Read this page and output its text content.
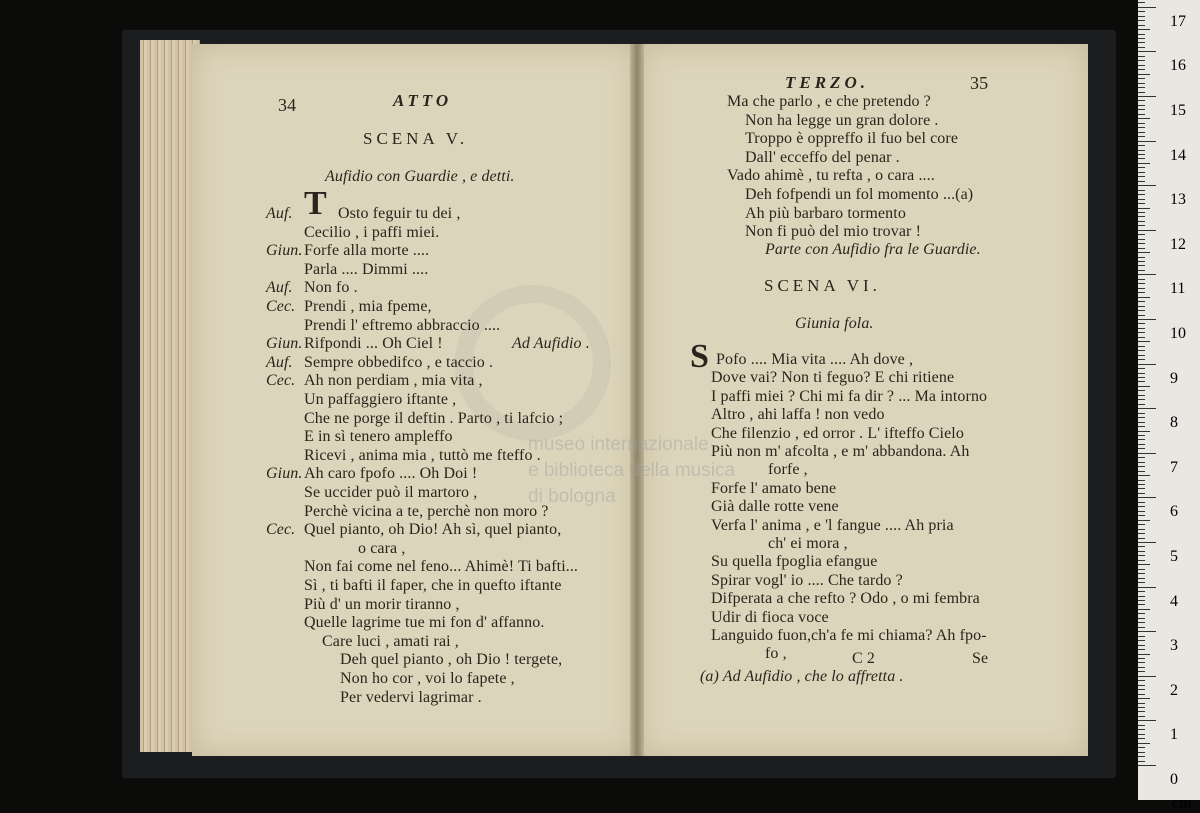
34	ATTO
SCENA V.
Aufidio con Guardie , e detti.
Auf. T Osto feguir tu dei ,
Cecilio , i paffi miei.
Giun. Forfe alla morte ....
Parla .... Dimmi ....
Auf. Non fo .
Cec. Prendi , mia fpeme,
Prendi l' eftremo abbraccio ....
Giun. Rifpondi ... Oh Ciel !	Ad Aufidio .
Auf. Sempre obbedifco , e taccio .
Cec. Ah non perdiam , mia vita ,
Un paffaggiero iftante ,
Che ne porge il deftin . Parto , ti lafcio ;
E in sì tenero ampleffo
Ricevi , anima mia , tuttò me fteffo .
Giun. Ah caro fpofo .... Oh Doi !
Se uccider può il martoro ,
Perchè vicina a te, perchè non moro ?
Cec. Quel pianto, oh Dio! Ah sì, quel pianto,
o cara ,
Non fai come nel feno... Ahimè! Ti bafti...
Sì , ti bafti il faper, che in quefto iftante
Più d' un morir tiranno ,
Quelle lagrime tue mi fon d' affanno.
Care luci , amati rai ,
Deh quel pianto , oh Dio ! tergete,
Non ho cor , voi lo fapete ,
Per vedervi lagrimar .
TERZO.	35
Ma che parlo , e che pretendo ?
Non ha legge un gran dolore .
Troppo è oppreffo il fuo bel core
Dall' ecceffo del penar .
Vado ahimè , tu refta , o cara ....
Deh fofpendi un fol momento ...(a)
Ah più barbaro tormento
Non fi può del mio trovar !
Parte con Aufidio fra le Guardie.
SCENA VI.
Giunia fola.
S Pofo .... Mia vita .... Ah dove ,
Dove vai? Non ti feguo? E chi ritiene
I paffi miei ? Chi mi fa dir ? ... Ma intorno
Altro , ahi laffa ! non vedo
Che filenzio , ed orror . L' ifteffo Cielo
Più non m' afcolta , e m' abbandona. Ah
forfe ,
Forfe l' amato bene
Già dalle rotte vene
Verfa l' anima , e 'l fangue .... Ah pria
ch' ei mora ,
Su quella fpoglia efangue
Spirar vogl' io .... Che tardo ?
Difperata a che refto ? Odo , o mi fembra
Udir di fioca voce
Languido fuon,ch'a fe mi chiama? Ah fpo-
fo ,	C 2	Se
(a) Ad Aufidio , che lo affretta .
museo internazionale
e biblioteca della musica
di bologna
0
cm
1
2
3
4
5
6
7
8
9
10
11
12
13
14
15
16
17
